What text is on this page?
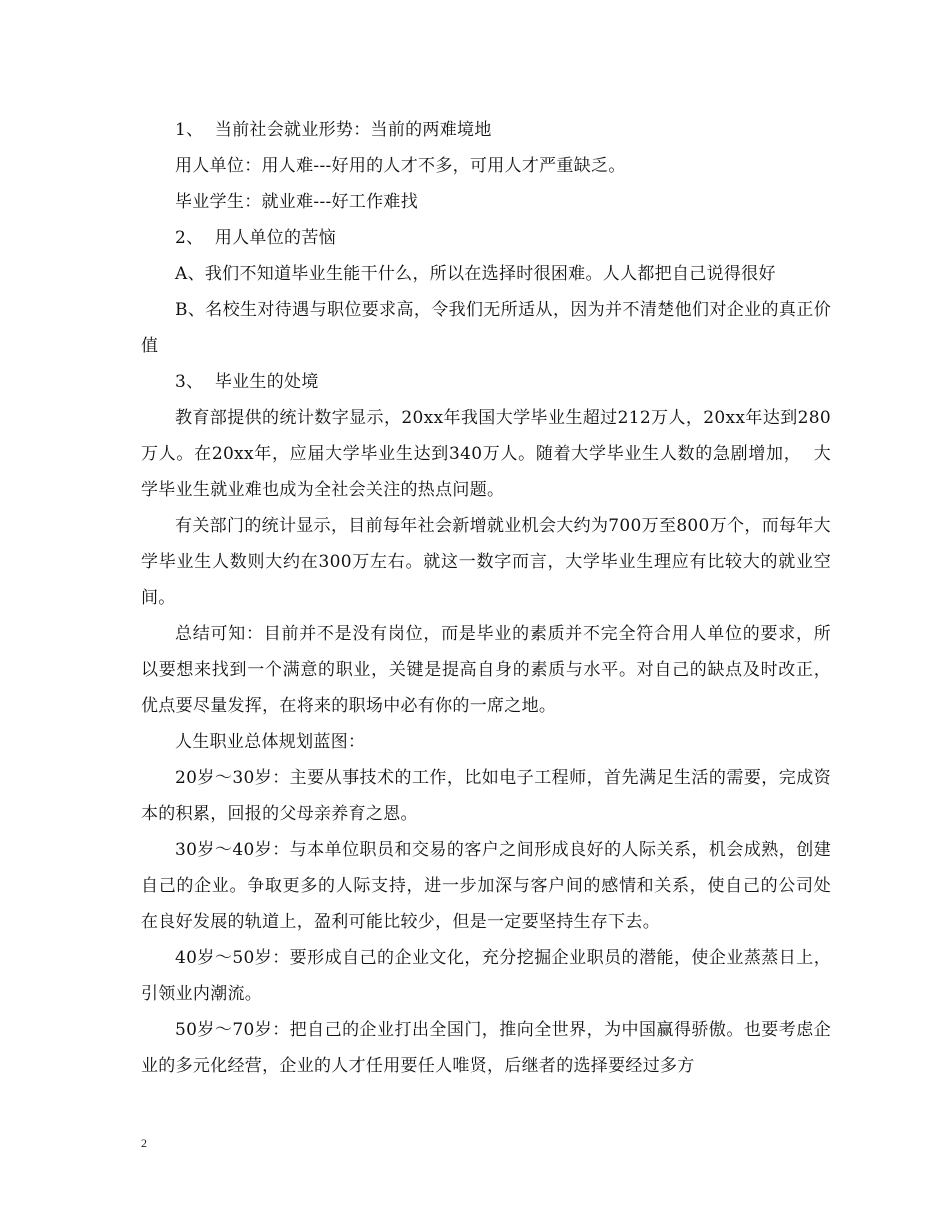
1、  当前社会就业形势：当前的两难境地

用人单位：用人难---好用的人才不多，可用人才严重缺乏。

毕业学生：就业难---好工作难找

2、  用人单位的苦恼

A、我们不知道毕业生能干什么，所以在选择时很困难。人人都把自己说得很好

B、名校生对待遇与职位要求高，令我们无所适从，因为并不清楚他们对企业的真正价值

3、  毕业生的处境

教育部提供的统计数字显示，20xx年我国大学毕业生超过212万人，20xx年达到280万人。在20xx年，应届大学毕业生达到340万人。随着大学毕业生人数的急剧增加，  大学毕业生就业难也成为全社会关注的热点问题。

有关部门的统计显示，目前每年社会新增就业机会大约为700万至800万个，而每年大学毕业生人数则大约在300万左右。就这一数字而言，大学毕业生理应有比较大的就业空间。

总结可知：目前并不是没有岗位，而是毕业的素质并不完全符合用人单位的要求，所以要想来找到一个满意的职业，关键是提高自身的素质与水平。对自己的缺点及时改正，优点要尽量发挥，在将来的职场中必有你的一席之地。

人生职业总体规划蓝图：

20岁～30岁：主要从事技术的工作，比如电子工程师，首先满足生活的需要，完成资本的积累，回报的父母亲养育之恩。

30岁～40岁：与本单位职员和交易的客户之间形成良好的人际关系，机会成熟，创建自己的企业。争取更多的人际支持，进一步加深与客户间的感情和关系，使自己的公司处在良好发展的轨道上，盈利可能比较少，但是一定要坚持生存下去。

40岁～50岁：要形成自己的企业文化，充分挖掘企业职员的潜能，使企业蒸蒸日上，引领业内潮流。

50岁～70岁：把自己的企业打出全国门，推向全世界，为中国赢得骄傲。也要考虑企业的多元化经营，企业的人才任用要任人唯贤，后继者的选择要经过多方

2
